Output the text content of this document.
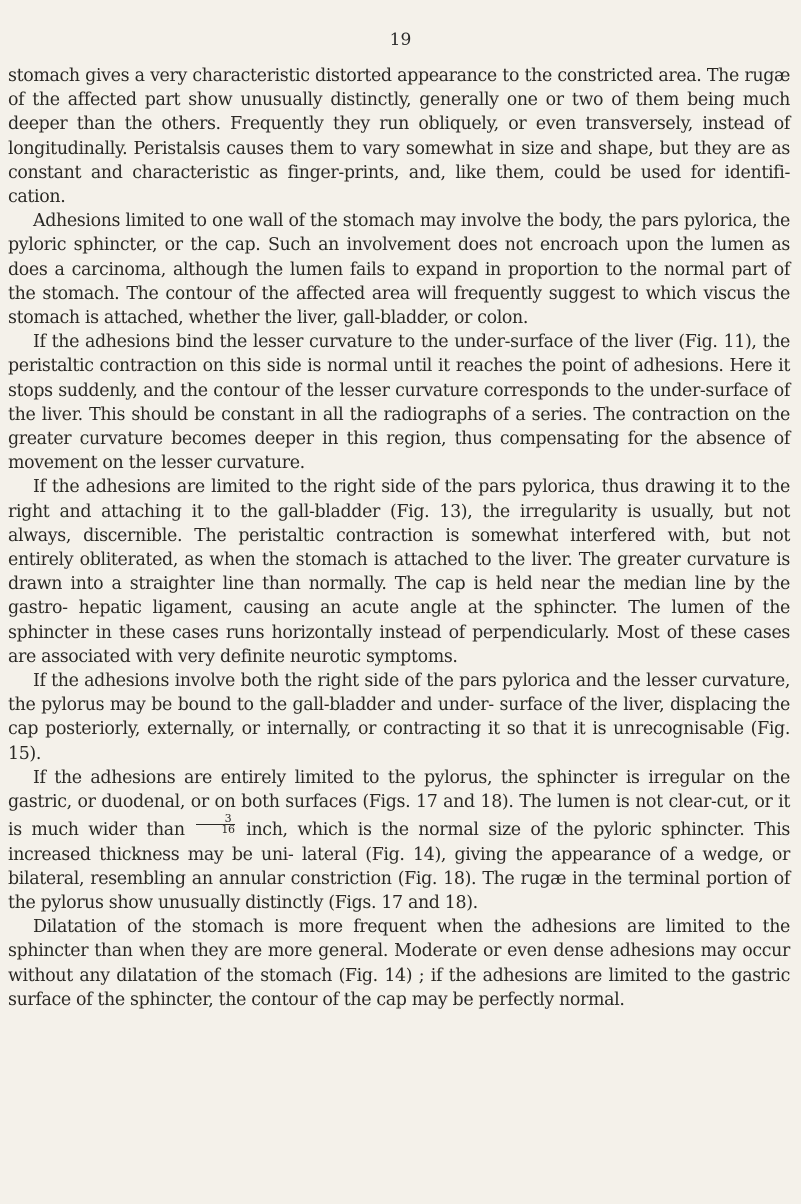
19

stomach gives a very characteristic distorted appearance to the constricted area. The rugæ of the affected part show unusually distinctly, generally one or two of them being much deeper than the others. Frequently they run obliquely, or even transversely, instead of longitudinally. Peristalsis causes them to vary somewhat in size and shape, but they are as constant and characteristic as finger-prints, and, like them, could be used for identifi- cation.

Adhesions limited to one wall of the stomach may involve the body, the pars pylorica, the pyloric sphincter, or the cap. Such an involvement does not encroach upon the lumen as does a carcinoma, although the lumen fails to expand in proportion to the normal part of the stomach. The contour of the affected area will frequently suggest to which viscus the stomach is attached, whether the liver, gall-bladder, or colon.

If the adhesions bind the lesser curvature to the under-surface of the liver (Fig. 11), the peristaltic contraction on this side is normal until it reaches the point of adhesions. Here it stops suddenly, and the contour of the lesser curvature corresponds to the under-surface of the liver. This should be constant in all the radiographs of a series. The contraction on the greater curvature becomes deeper in this region, thus compensating for the absence of movement on the lesser curvature.

If the adhesions are limited to the right side of the pars pylorica, thus drawing it to the right and attaching it to the gall-bladder (Fig. 13), the irregularity is usually, but not always, discernible. The peristaltic contraction is somewhat interfered with, but not entirely obliterated, as when the stomach is attached to the liver. The greater curvature is drawn into a straighter line than normally. The cap is held near the median line by the gastro- hepatic ligament, causing an acute angle at the sphincter. The lumen of the sphincter in these cases runs horizontally instead of perpendicularly. Most of these cases are associated with very definite neurotic symptoms.

If the adhesions involve both the right side of the pars pylorica and the lesser curvature, the pylorus may be bound to the gall-bladder and under- surface of the liver, displacing the cap posteriorly, externally, or internally, or contracting it so that it is unrecognisable (Fig. 15).

If the adhesions are entirely limited to the pylorus, the sphincter is irregular on the gastric, or duodenal, or on both surfaces (Figs. 17 and 18). The lumen is not clear-cut, or it is much wider than $\frac{3}{16}$ inch, which is the normal size of the pyloric sphincter. This increased thickness may be uni- lateral (Fig. 14), giving the appearance of a wedge, or bilateral, resembling an annular constriction (Fig. 18). The rugæ in the terminal portion of the pylorus show unusually distinctly (Figs. 17 and 18).

Dilatation of the stomach is more frequent when the adhesions are limited to the sphincter than when they are more general. Moderate or even dense adhesions may occur without any dilatation of the stomach (Fig. 14) ; if the adhesions are limited to the gastric surface of the sphincter, the contour of the cap may be perfectly normal.
